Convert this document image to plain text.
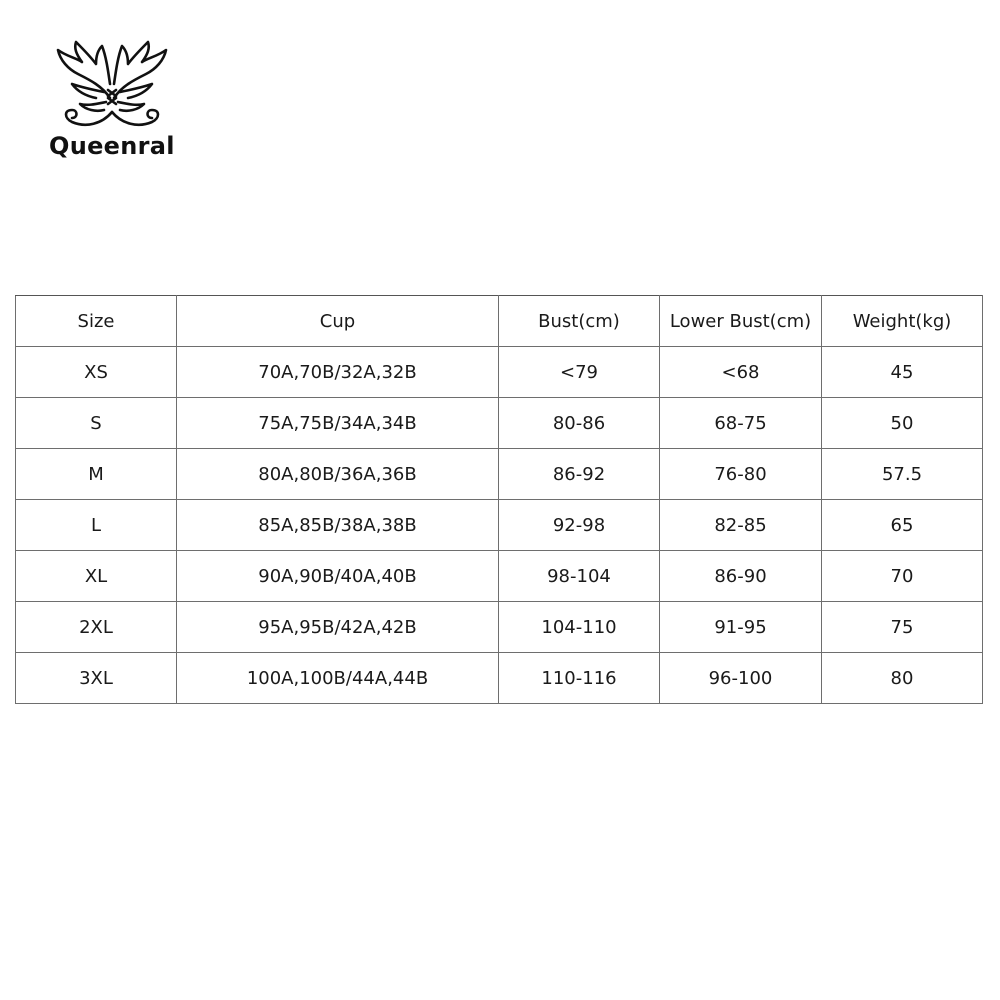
Queenral
Size	Cup	Bust(cm)	Lower Bust(cm)	Weight(kg)
XS	70A,70B/32A,32B	<79	<68	45
S	75A,75B/34A,34B	80-86	68-75	50
M	80A,80B/36A,36B	86-92	76-80	57.5
L	85A,85B/38A,38B	92-98	82-85	65
XL	90A,90B/40A,40B	98-104	86-90	70
2XL	95A,95B/42A,42B	104-110	91-95	75
3XL	100A,100B/44A,44B	110-116	96-100	80
